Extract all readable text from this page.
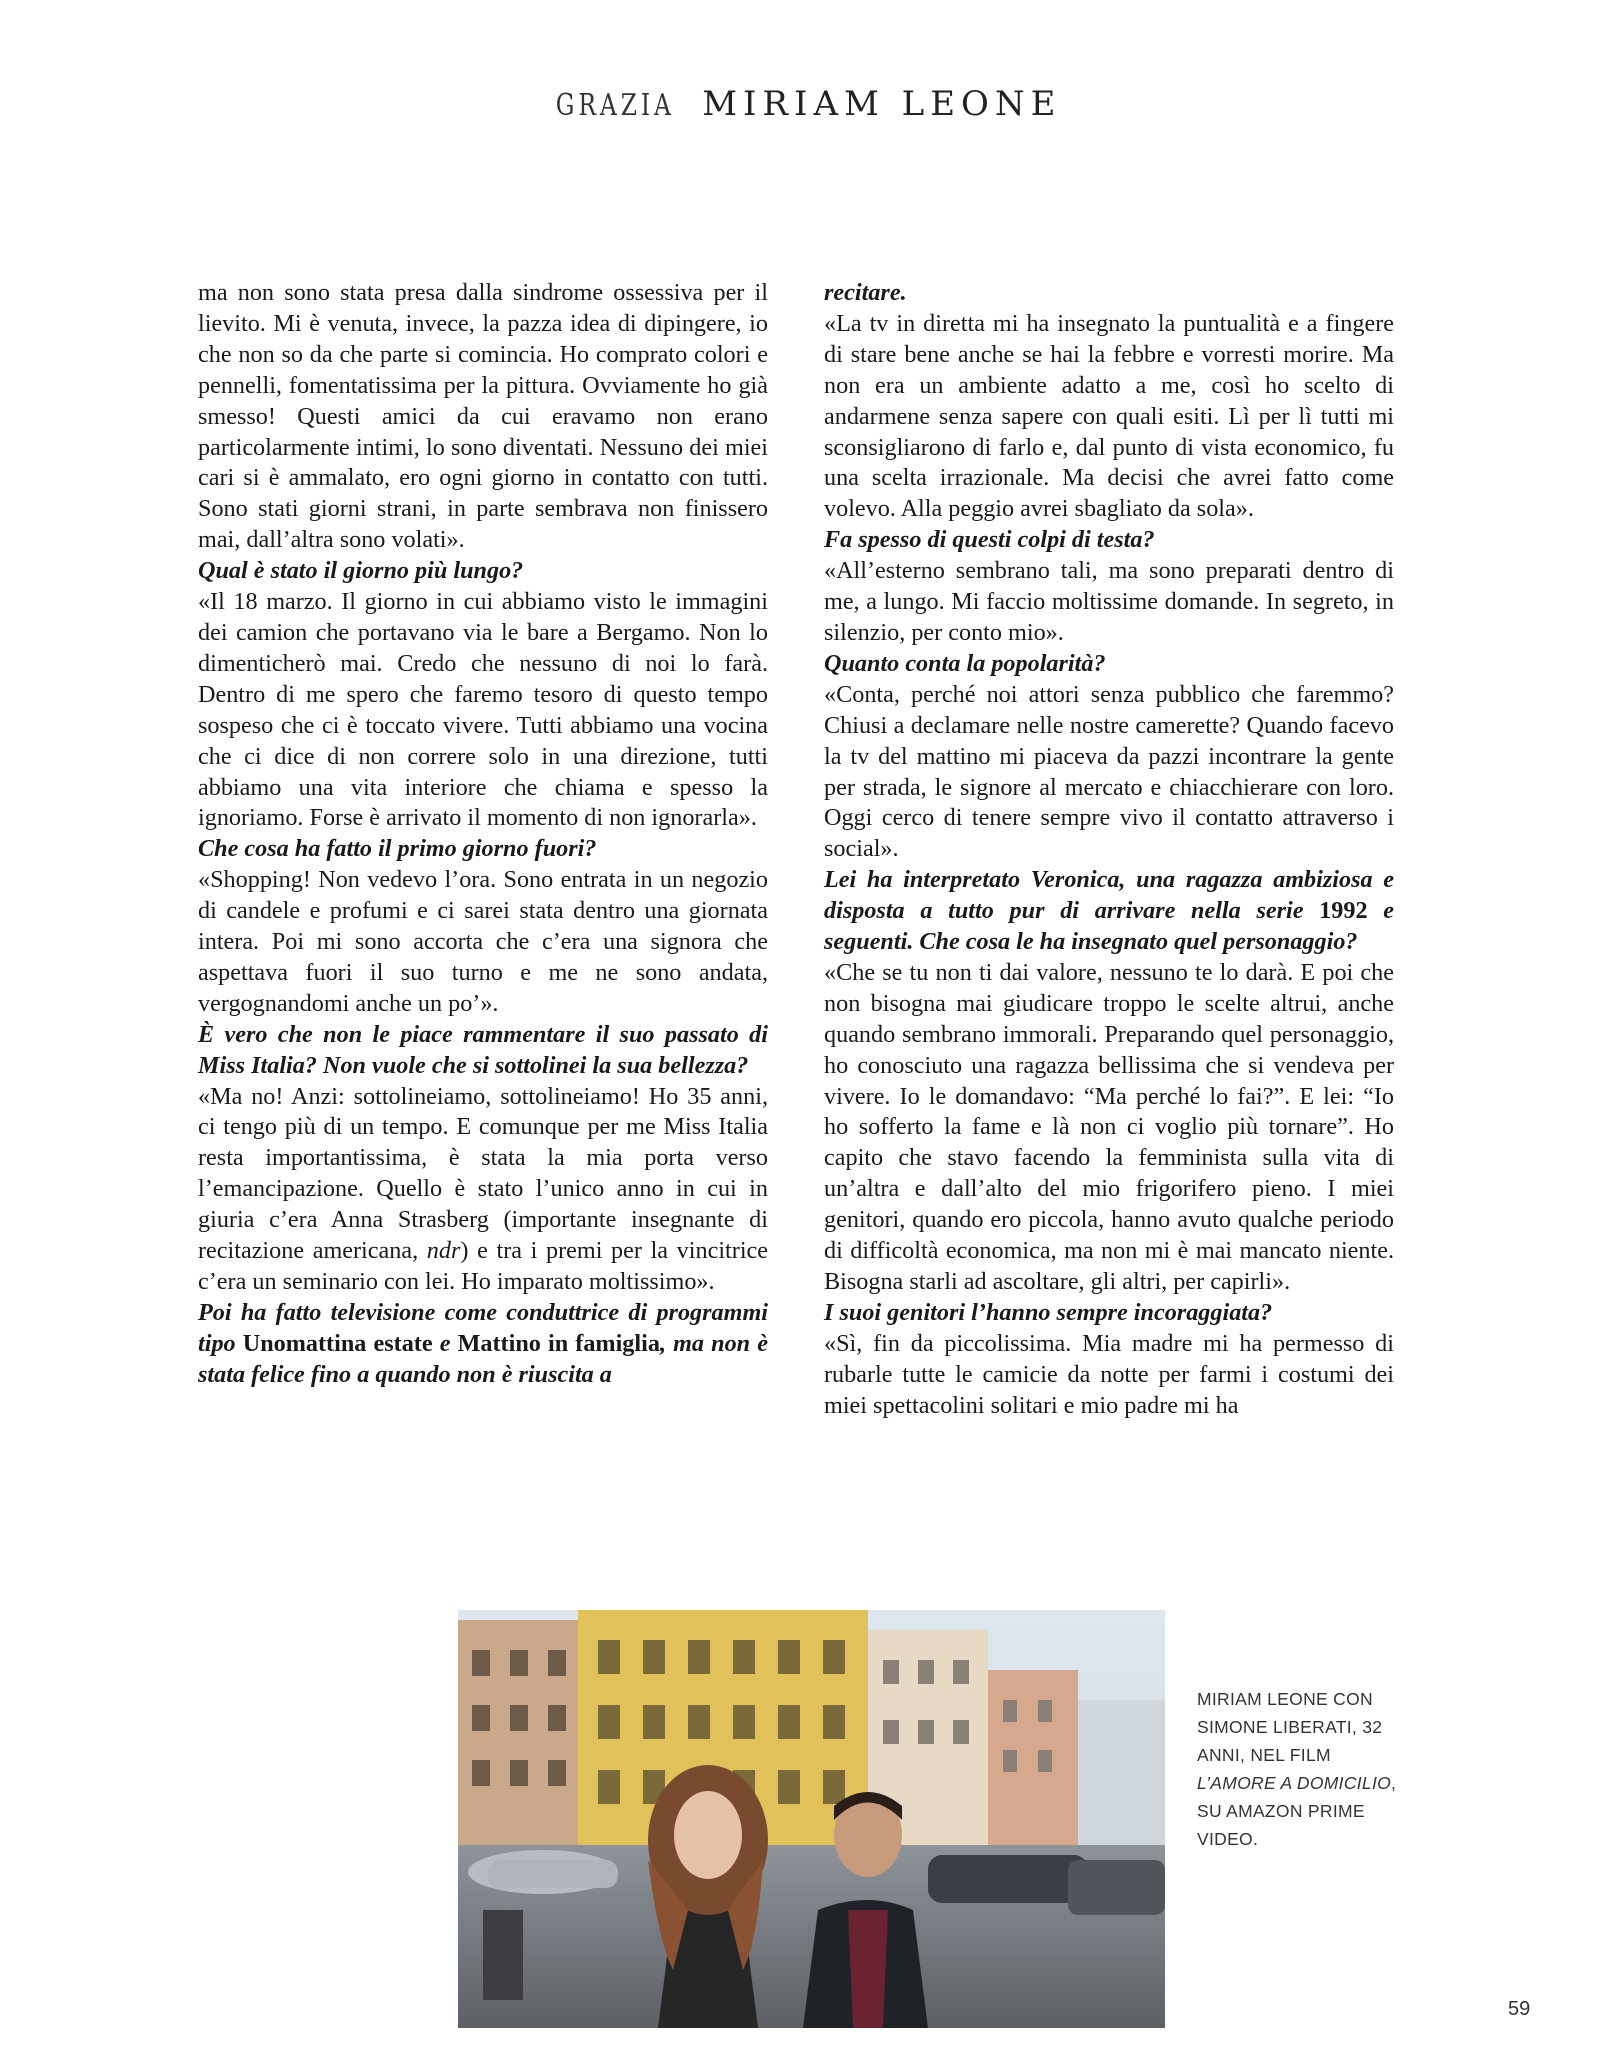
GRAZIA MIRIAM LEONE

ma non sono stata presa dalla sindrome ossessiva per il lievito. Mi è venuta, invece, la pazza idea di dipingere, io che non so da che parte si comincia. Ho comprato colori e pennelli, fomentatissima per la pittura. Ovviamente ho già smesso! Questi amici da cui eravamo non erano particolarmente intimi, lo sono diventati. Nessuno dei miei cari si è ammalato, ero ogni giorno in contatto con tutti. Sono stati giorni strani, in parte sembrava non finissero mai, dall’altra sono volati».

Qual è stato il giorno più lungo?

«Il 18 marzo. Il giorno in cui abbiamo visto le immagini dei camion che portavano via le bare a Bergamo. Non lo dimenticherò mai. Credo che nessuno di noi lo farà. Dentro di me spero che faremo tesoro di questo tempo sospeso che ci è toccato vivere. Tutti abbiamo una vocina che ci dice di non correre solo in una direzione, tutti abbiamo una vita interiore che chiama e spesso la ignoriamo. Forse è arrivato il momento di non ignorarla».

Che cosa ha fatto il primo giorno fuori?

«Shopping! Non vedevo l’ora. Sono entrata in un negozio di candele e profumi e ci sarei stata dentro una giornata intera. Poi mi sono accorta che c’era una signora che aspettava fuori il suo turno e me ne sono andata, vergognandomi anche un po’».

È vero che non le piace rammentare il suo passato di Miss Italia? Non vuole che si sottolinei la sua bellezza?

«Ma no! Anzi: sottolineiamo, sottolineiamo! Ho 35 anni, ci tengo più di un tempo. E comunque per me Miss Italia resta importantissima, è stata la mia porta verso l’emancipazione. Quello è stato l’unico anno in cui in giuria c’era Anna Strasberg (importante insegnante di recitazione americana, ndr) e tra i premi per la vincitrice c’era un seminario con lei. Ho imparato moltissimo».

Poi ha fatto televisione come conduttrice di programmi tipo Unomattina estate e Mattino in famiglia, ma non è stata felice fino a quando non è riuscita a

recitare.

«La tv in diretta mi ha insegnato la puntualità e a fingere di stare bene anche se hai la febbre e vorresti morire. Ma non era un ambiente adatto a me, così ho scelto di andarmene senza sapere con quali esiti. Lì per lì tutti mi sconsigliarono di farlo e, dal punto di vista economico, fu una scelta irrazionale. Ma decisi che avrei fatto come volevo. Alla peggio avrei sbagliato da sola».

Fa spesso di questi colpi di testa?

«All’esterno sembrano tali, ma sono preparati dentro di me, a lungo. Mi faccio moltissime domande. In segreto, in silenzio, per conto mio».

Quanto conta la popolarità?

«Conta, perché noi attori senza pubblico che faremmo? Chiusi a declamare nelle nostre camerette? Quando facevo la tv del mattino mi piaceva da pazzi incontrare la gente per strada, le signore al mercato e chiacchierare con loro. Oggi cerco di tenere sempre vivo il contatto attraverso i social».

Lei ha interpretato Veronica, una ragazza ambiziosa e disposta a tutto pur di arrivare nella serie 1992 e seguenti. Che cosa le ha insegnato quel personaggio?

«Che se tu non ti dai valore, nessuno te lo darà. E poi che non bisogna mai giudicare troppo le scelte altrui, anche quando sembrano immorali. Preparando quel personaggio, ho conosciuto una ragazza bellissima che si vendeva per vivere. Io le domandavo: “Ma perché lo fai?”. E lei: “Io ho sofferto la fame e là non ci voglio più tornare”. Ho capito che stavo facendo la femminista sulla vita di un’altra e dall’alto del mio frigorifero pieno. I miei genitori, quando ero piccola, hanno avuto qualche periodo di difficoltà economica, ma non mi è mai mancato niente. Bisogna starli ad ascoltare, gli altri, per capirli».

I suoi genitori l’hanno sempre incoraggiata?

«Sì, fin da piccolissima. Mia madre mi ha permesso di rubarle tutte le camicie da notte per farmi i costumi dei miei spettacolini solitari e mio padre mi ha

MIRIAM LEONE CON SIMONE LIBERATI, 32 ANNI, NEL FILM L’AMORE A DOMICILIO, SU AMAZON PRIME VIDEO.
59
